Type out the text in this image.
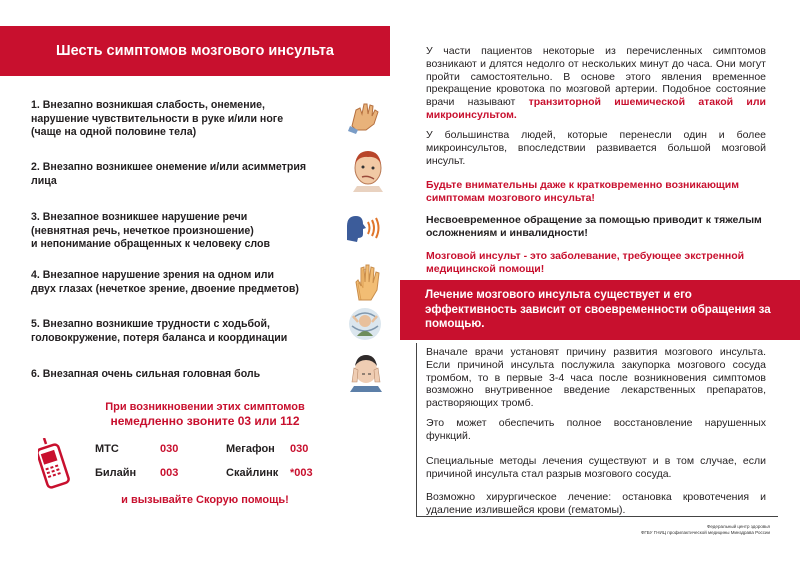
Шесть симптомов мозгового инсульта
1. Внезапно возникшая слабость, онемение,
нарушение чувствительности в руке и/или ноге
(чаще на одной половине тела)
2. Внезапно возникшее онемение и/или асимметрия
лица
3. Внезапное возникшее нарушение речи
(невнятная речь, нечеткое произношение)
и непонимание обращенных к человеку слов
4. Внезапное нарушение зрения на одном или
двух глазах (нечеткое зрение, двоение предметов)
5. Внезапно возникшие трудности с ходьбой,
головокружение, потеря баланса и координации
6. Внезапная очень сильная головная боль
При возникновении этих симптомов
немедленно звоните 03 или 112
МТС	030
Билайн 003
Мегафон 030
Скайлинк *003
и вызывайте Скорую помощь!
У части пациентов некоторые из перечисленных симптомов возникают и длятся недолго от нескольких минут до часа. Они могут пройти самостоятельно. В основе этого явления временное прекращение кровотока по мозговой артерии. Подобное состояние врачи называют транзиторной ишемической атакой или микроинсультом.
У большинства людей, которые перенесли один и более микроинсультов, впоследствии развивается большой мозговой инсульт.
Будьте внимательны даже к кратковременно возникающим симптомам мозгового инсульта!
Несвоевременное обращение за помощью приводит к тяжелым осложнениям и инвалидности!
Мозговой инсульт - это заболевание, требующее экстренной медицинской помощи!

Лечение мозгового инсульта существует и его эффективность зависит от своевременности обращения за помощью.

Вначале врачи установят причину развития мозгового инсульта. Если причиной инсульта послужила закупорка мозгового сосуда тромбом, то в первые 3-4 часа после возникновения симптомов возможно внутривенное введение лекарственных препаратов, растворяющих тромб.
Это может обеспечить полное восстановление нарушенных функций.
Специальные методы лечения существуют и в том случае, если причиной инсульта стал разрыв мозгового сосуда.
Возможно хирургическое лечение: остановка кровотечения и удаление излившейся крови (гематомы).
Федеральный центр здоровья
ФГБУ ГНИЦ профилактической медицины Минздрава России
